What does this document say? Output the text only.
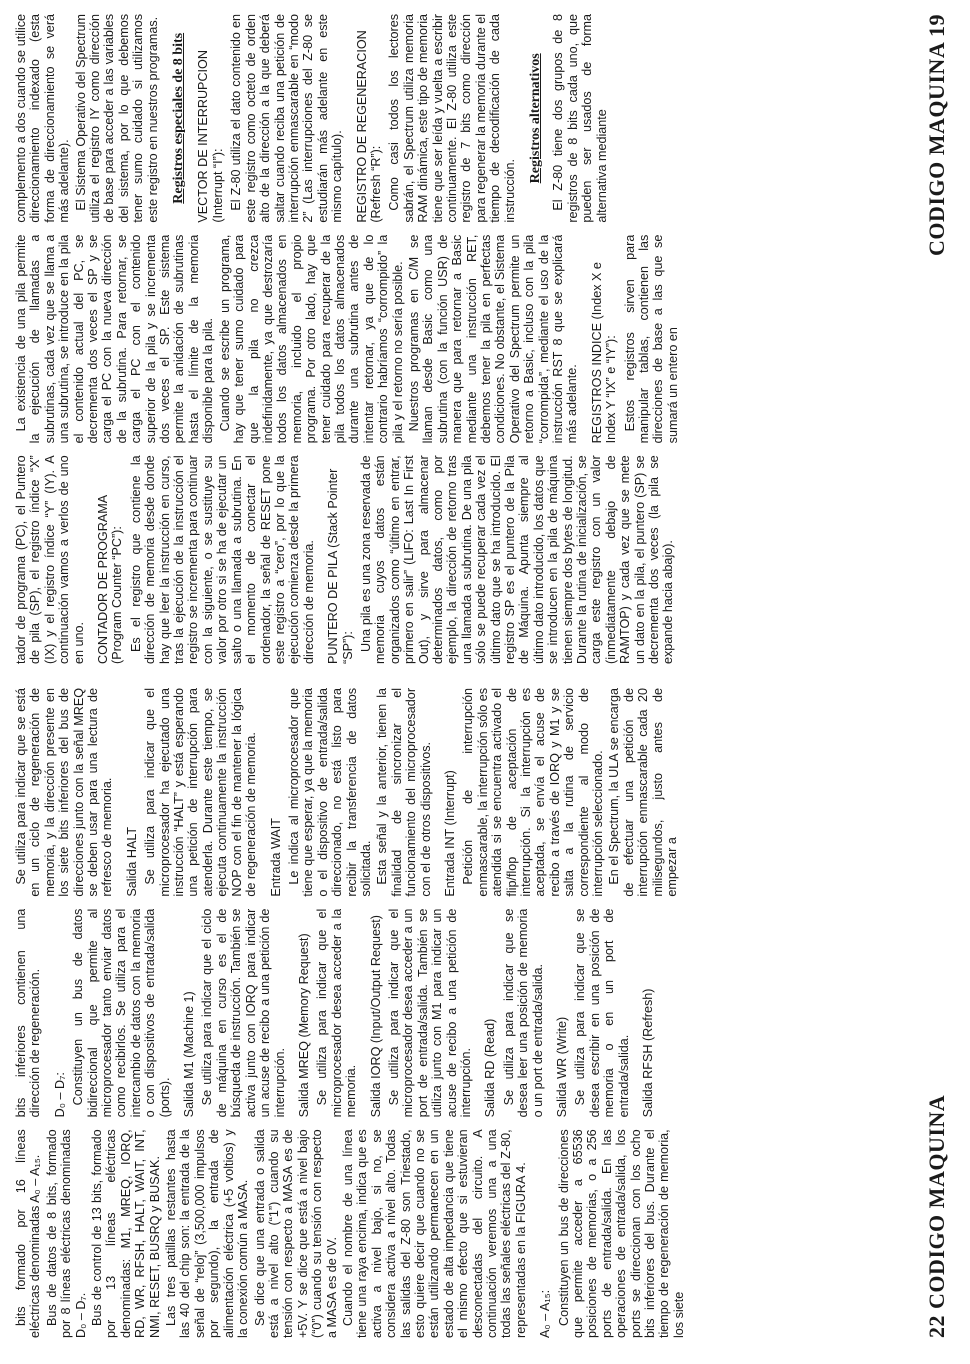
bits formado por 16 líneas eléctricas denominadas A₀ – A₁₅. Bus de datos de 8 bits, formado por 8 líneas eléctricas denominadas D₀ – D₇. Bus de control de 13 bits, formado por 13 líneas eléctricas denominadas: M1, MREQ, IORQ, RD, WR, RFSH, HALT, WAIT, INT, NMI, RESET, BUSRQ y BUSAK. Las tres patillas restantes hasta las 40 del chip son: la entrada de la señal de “reloj” (3,500,000 impulsos por segundo), la entrada de alimentación eléctrica (+5 voltios) y la conexión común a MASA. Se dice que una entrada o salida está a nivel alto (“1”) cuando su tensión con respecto a MASA es de +5V. Y se dice que está a nivel bajo (“0”) cuando su tensión con respecto a MASA es de 0V. Cuando el nombre de una línea tiene una raya encima, indica que es activa a nivel bajo, si no, se considera activa a nivel alto. Todas las salidas del Z-80 son Triestado, esto quiere decir que cuando no se están utilizando permanecen en un estado de alta impedancia que tiene el mismo efecto que si estuvieran desconectadas del circuito. A continuación veremos una a una todas las señales eléctricas del Z-80, representadas en la FIGURA 4. A₀ – A₁₅: Constituyen un bus de direcciones que permite acceder a 65536 posiciones de memorias, o a 256 ports de entrada/salida. En las operaciones de entrada/salida, los ports se direccionan con los ocho bits inferiores del bus. Durante el tiempo de regeneración de memoria, los siete

bits inferiores contienen una dirección de regeneración. D₀ – D₇: Constituyen un bus de datos bidireccional que permite al microprocesador tanto enviar datos como recibirlos. Se utiliza para el intercambio de datos con la memoria o con dispositivos de entrada/salida (ports). Salida M1 (Machine 1) Se utiliza para indicar que el ciclo de máquina en curso es el de búsqueda de instrucción. También se activa junto con IORQ para indicar un acuse de recibo a una petición de interrupción. Salida MREQ (Memory Request) Se utiliza para indicar que el microprocesador desea acceder a la memoria. Salida IORQ (Input/Output Request) Se utiliza para indicar que el microprocesador desea acceder a un port de entrada/salida. También se utiliza junto con M1 para indicar un acuse de recibo a una petición de interrupción. Salida RD (Read) Se utiliza para indicar que se desea leer una posición de memoria o un port de entrada/salida. Salida WR (Write) Se utiliza para indicar que se desea escribir en una posición de memoria o en un port de entrada/salida. Salida RFSH (Refresh)

Se utiliza para indicar que se está en un ciclo de regeneración de memoria, y la dirección presente en los siete bits inferiores del bus de direcciones junto con la señal MREQ se deben usar para una lectura de refresco de memoria. Salida HALT Se utiliza para indicar que el microprocesador ha ejecutado una instrucción “HALT” y está esperando una petición de interrupción para atenderla. Durante este tiempo, se ejecuta continuamente la instrucción NOP con el fin de mantener la lógica de regeneración de memoria. Entrada WAIT Le indica al microprocesador que tiene que esperar, ya que la memoria o el dispositivo de entrada/salida direccionado, no está listo para recibir la transferencia de datos solicitada. Esta señal y la anterior, tienen la finalidad de sincronizar el funcionamiento del microprocesador con el de otros dispositivos. Entrada INT (Interrupt) Petición de interrupción enmascarable, la interrupción sólo es atendida si se encuentra activado el flip/flop de aceptación de interrupción. Si la interrupción es aceptada, se envía el acuse de recibo a través de IORQ y M1 y se salta a la rutina de servicio correspondiente al modo de interrupción seleccionado. En el Spectrum, la ULA se encarga de efectuar una petición de interrupción enmascarable cada 20 milisegundos, justo antes de empezar a

22 CODIGO MAQUINA

tador de programa (PC), el Puntero de pila (SP), el registro índice “X” (IX) y el registro índice “Y” (IY). A continuación vamos a verlos de uno en uno. CONTADOR DE PROGRAMA (Program Counter “PC”): Es el registro que contiene la dirección de memoria desde donde hay que leer la instrucción en curso, tras la ejecución de la instrucción el registro se incrementa para continuar con la siguiente, o se sustituye su valor por otro si se ha de ejecutar un salto o una llamada a subrutina. En el momento de conectar el ordenador, la señal de RESET pone este registro a “cero”, por lo que la ejecución comienza desde la primera dirección de memoria. PUNTERO DE PILA (Stack Pointer “SP”): Una pila es una zona reservada de memoria cuyos datos están organizados como “último en entrar, primero en salir” (LIFO: Last In First Out), y sirve para almacenar determinados datos, como por ejemplo, la dirección de retorno tras una llamada a subrutina. De una pila sólo se puede recuperar cada vez el último dato que se ha introducido. El registro SP es el puntero de la Pila de Máquina. Apunta siempre al último dato introducido, los datos que se introducen en la pila de máquina tienen siempre dos bytes de longitud. Durante la rutina de inicialización, se carga este registro con un valor (inmediatamente debajo de RAMTOP) y cada vez que se mete un dato en la pila, el puntero (SP) se decrementa dos veces (la pila se expande hacia abajo).

La existencia de una pila permite la ejecución de llamadas a subrutinas, cada vez que se llama a una subrutina, se introduce en la pila el contenido actual del PC, se decrementa dos veces el SP y se carga el PC con la nueva dirección de la subrutina. Para retornar, se carga el PC con el contenido superior de la pila y se incrementa dos veces el SP. Este sistema permite la anidación de subrutinas hasta el límite de la memoria disponible para la pila. Cuando se escribe un programa, hay que tener sumo cuidado para que la pila no crezca indefinidamente, ya que destrozaría todos los datos almacenados en memoria, incluido el propio programa. Por otro lado, hay que tener cuidado para recuperar de la pila todos los datos almacenados durante una subrutina antes de intentar retornar, ya que de lo contrario habríamos “corrompido” la pila y el retorno no sería posible. Nuestros programas en C/M se llaman desde Basic como una subrutina (con la función USR) de manera que para retornar a Basic mediante una instrucción RET, debemos tener la pila en perfectas condiciones. No obstante, el Sistema Operativo del Spectrum permite un retorno a Basic, incluso con la pila “corrompida”, mediante el uso de la instrucción RST 8 que se explicará más adelante. REGISTROS INDICE (Index X e Index Y “IX” e “IY”): Estos registros sirven para manipular tablas, contienen las direcciones de base a las que se sumará un entero en

complemento a dos cuando se utilice direccionamiento indexado (esta forma de direccionamiento se verá más adelante). El Sistema Operativo del Spectrum utiliza el registro IY como dirección de base para acceder a las variables del sistema, por lo que debemos tener sumo cuidado si utilizamos este registro en nuestros programas. Registros especiales de 8 bits VECTOR DE INTERRUPCION (Interrupt “I”): El Z-80 utiliza el dato contenido en este registro como octeto de orden alto de la dirección a la que deberá saltar cuando reciba una petición de interrupción enmascarable en “modo 2” (Las interrupciones del Z-80 se estudiarán más adelante en este mismo capítulo). REGISTRO DE REGENERACION (Refresh “R”): Como casi todos los lectores sabrán, el Spectrum utiliza memoria RAM dinámica, este tipo de memoria tiene que ser leída y vuelta a escribir continuamente. El Z-80 utiliza este registro de 7 bits como dirección para regenerar la memoria durante el tiempo de decodificación de cada instrucción.

Registros alternativos El Z-80 tiene dos grupos de 8 registros de 8 bits cada uno, que pueden ser usados de forma alternativa mediante	CODIGO MAQUINA 19
